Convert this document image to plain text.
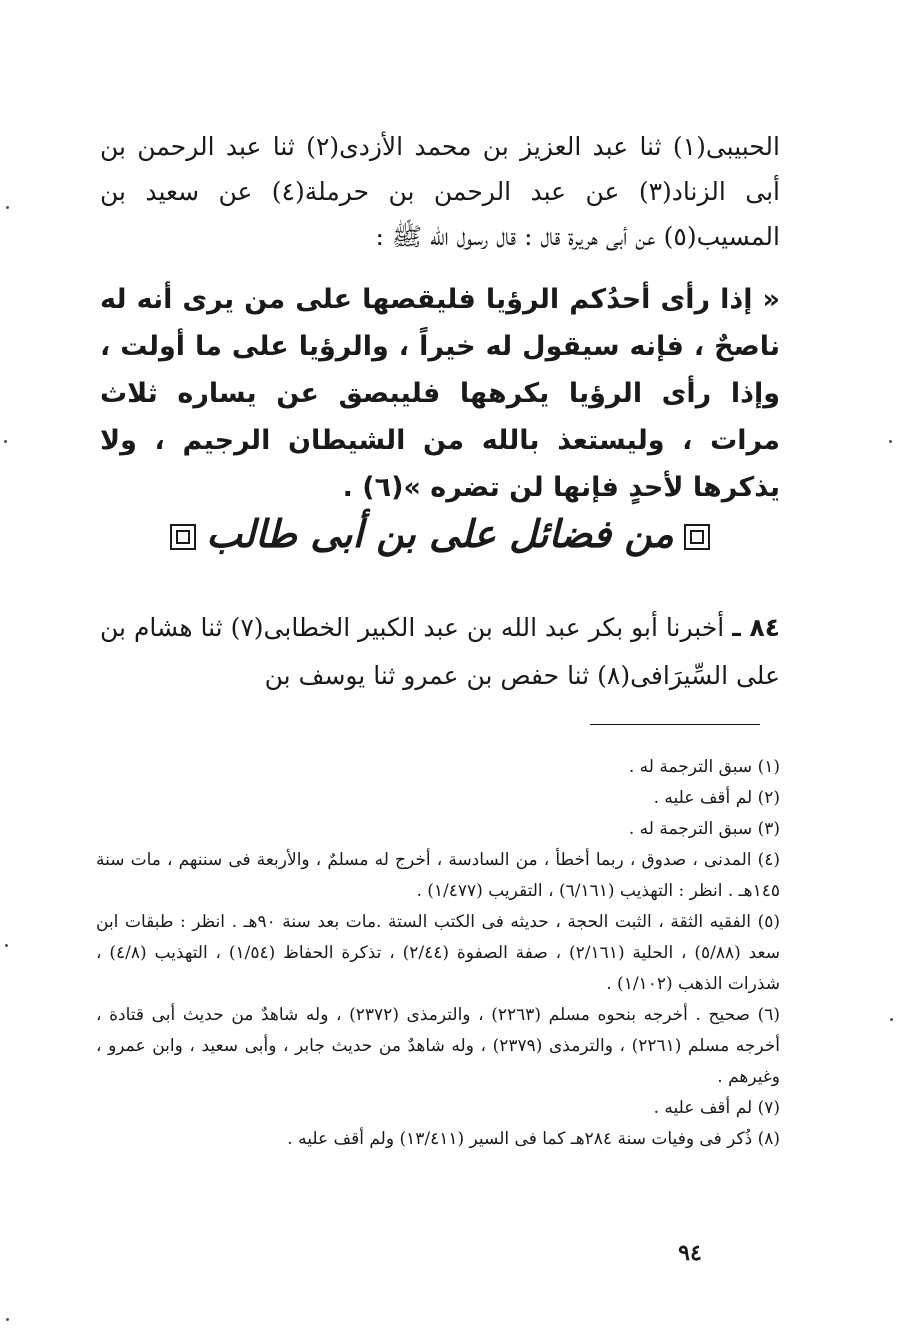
الحبيبى(١) ثنا عبد العزيز بن محمد الأزدى(٢) ثنا عبد الرحمن بن أبى الزناد(٣) عن عبد الرحمن بن حرملة(٤) عن سعيد بن المسيب(٥) عن أبى هريرة قال : قال رسول الله ﷺ :
« إذا رأى أحدُكم الرؤيا فليقصها على من يرى أنه له ناصحٌ ، فإنه سيقول له خيراً ، والرؤيا على ما أولت ، وإذا رأى الرؤيا يكرهها فليبصق عن يساره ثلاث مرات ، وليستعذ بالله من الشيطان الرجيم ، ولا يذكرها لأحدٍ فإنها لن تضره »(٦) .
من فضائل على بن أبى طالب
٨٤ ـ أخبرنا أبو بكر عبد الله بن عبد الكبير الخطابى(٧) ثنا هشام بن على السِّيرَافى(٨) ثنا حفص بن عمرو ثنا يوسف بن

(١) سبق الترجمة له .

(٢) لم أقف عليه .

(٣) سبق الترجمة له .

(٤) المدنى ، صدوق ، ربما أخطأ ، من السادسة ، أخرج له مسلمٌ ، والأربعة فى سننهم ، مات سنة ١٤٥هـ . انظر : التهذيب (٦/١٦١) ، التقريب (١/٤٧٧) .

(٥) الفقيه الثقة ، الثبت الحجة ، حديثه فى الكتب الستة .مات بعد سنة ٩٠هـ . انظر : طبقات ابن سعد (٥/٨٨) ، الحلية (٢/١٦١) ، صفة الصفوة (٢/٤٤) ، تذكرة الحفاظ (١/٥٤) ، التهذيب (٤/٨) ، شذرات الذهب (١/١٠٢) .

(٦) صحيح . أخرجه بنحوه مسلم (٢٢٦٣) ، والترمذى (٢٣٧٢) ، وله شاهدٌ من حديث أبى قتادة ، أخرجه مسلم (٢٢٦١) ، والترمذى (٢٣٧٩) ، وله شاهدٌ من حديث جابر ، وأبى سعيد ، وابن عمرو ، وغيرهم .

(٧) لم أقف عليه .

(٨) ذُكر فى وفيات سنة ٢٨٤هـ كما فى السير (١٣/٤١١) ولم أقف عليه .

٩٤
